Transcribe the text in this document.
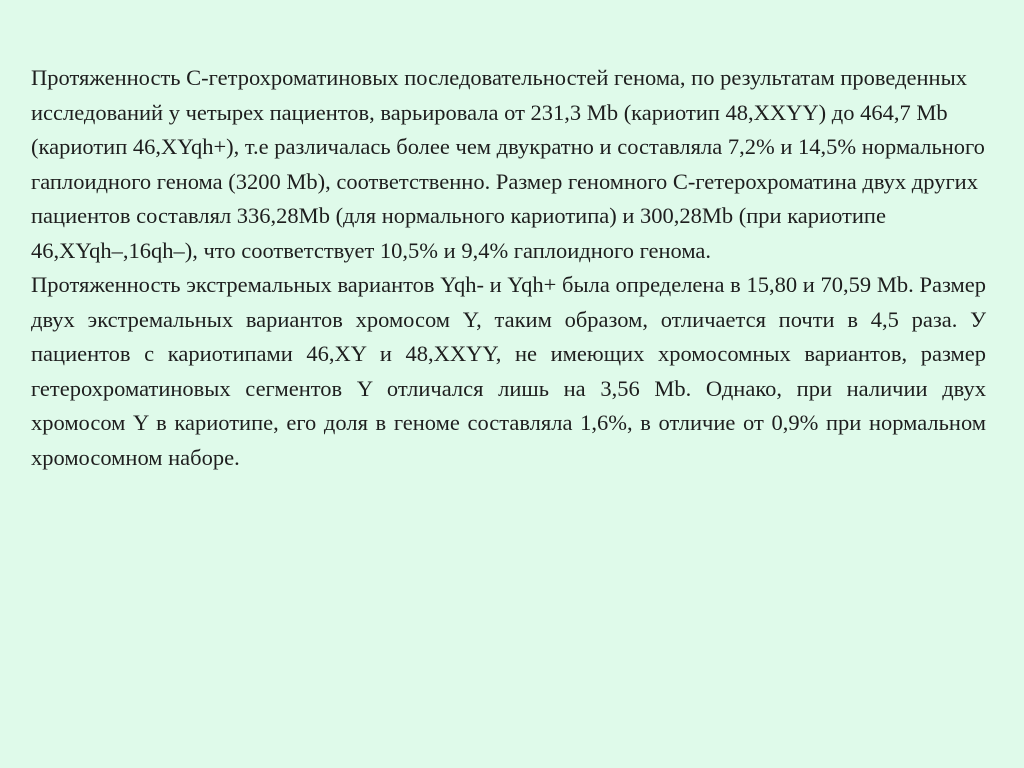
Протяженность С-гетрохроматиновых последовательностей генома, по результатам проведенных исследований у четырех пациентов, варьировала от 231,3 Mb (кариотип 48,XXYY) до 464,7 Mb (кариотип 46,XYqh+), т.е различалась более чем двукратно и составляла 7,2% и 14,5% нормального гаплоидного генома (3200 Mb), соответственно. Размер геномного С-гетерохроматина двух других пациентов составлял 336,28Mb (для нормального кариотипа) и 300,28Mb (при кариотипе 46,XYqh–,16qh–), что соответствует 10,5% и 9,4% гаплоидного генома.

Протяженность экстремальных вариантов Yqh- и Yqh+ была определена в 15,80 и 70,59 Mb. Размер двух экстремальных вариантов хромосом Y, таким образом, отличается почти в 4,5 раза. У пациентов с кариотипами 46,XY и 48,XXYY, не имеющих хромосомных вариантов, размер гетерохроматиновых сегментов Y отличался лишь на 3,56 Mb. Однако, при наличии двух хромосом Y в кариотипе, его доля в геноме составляла 1,6%, в отличие от 0,9% при нормальном хромосомном наборе.
